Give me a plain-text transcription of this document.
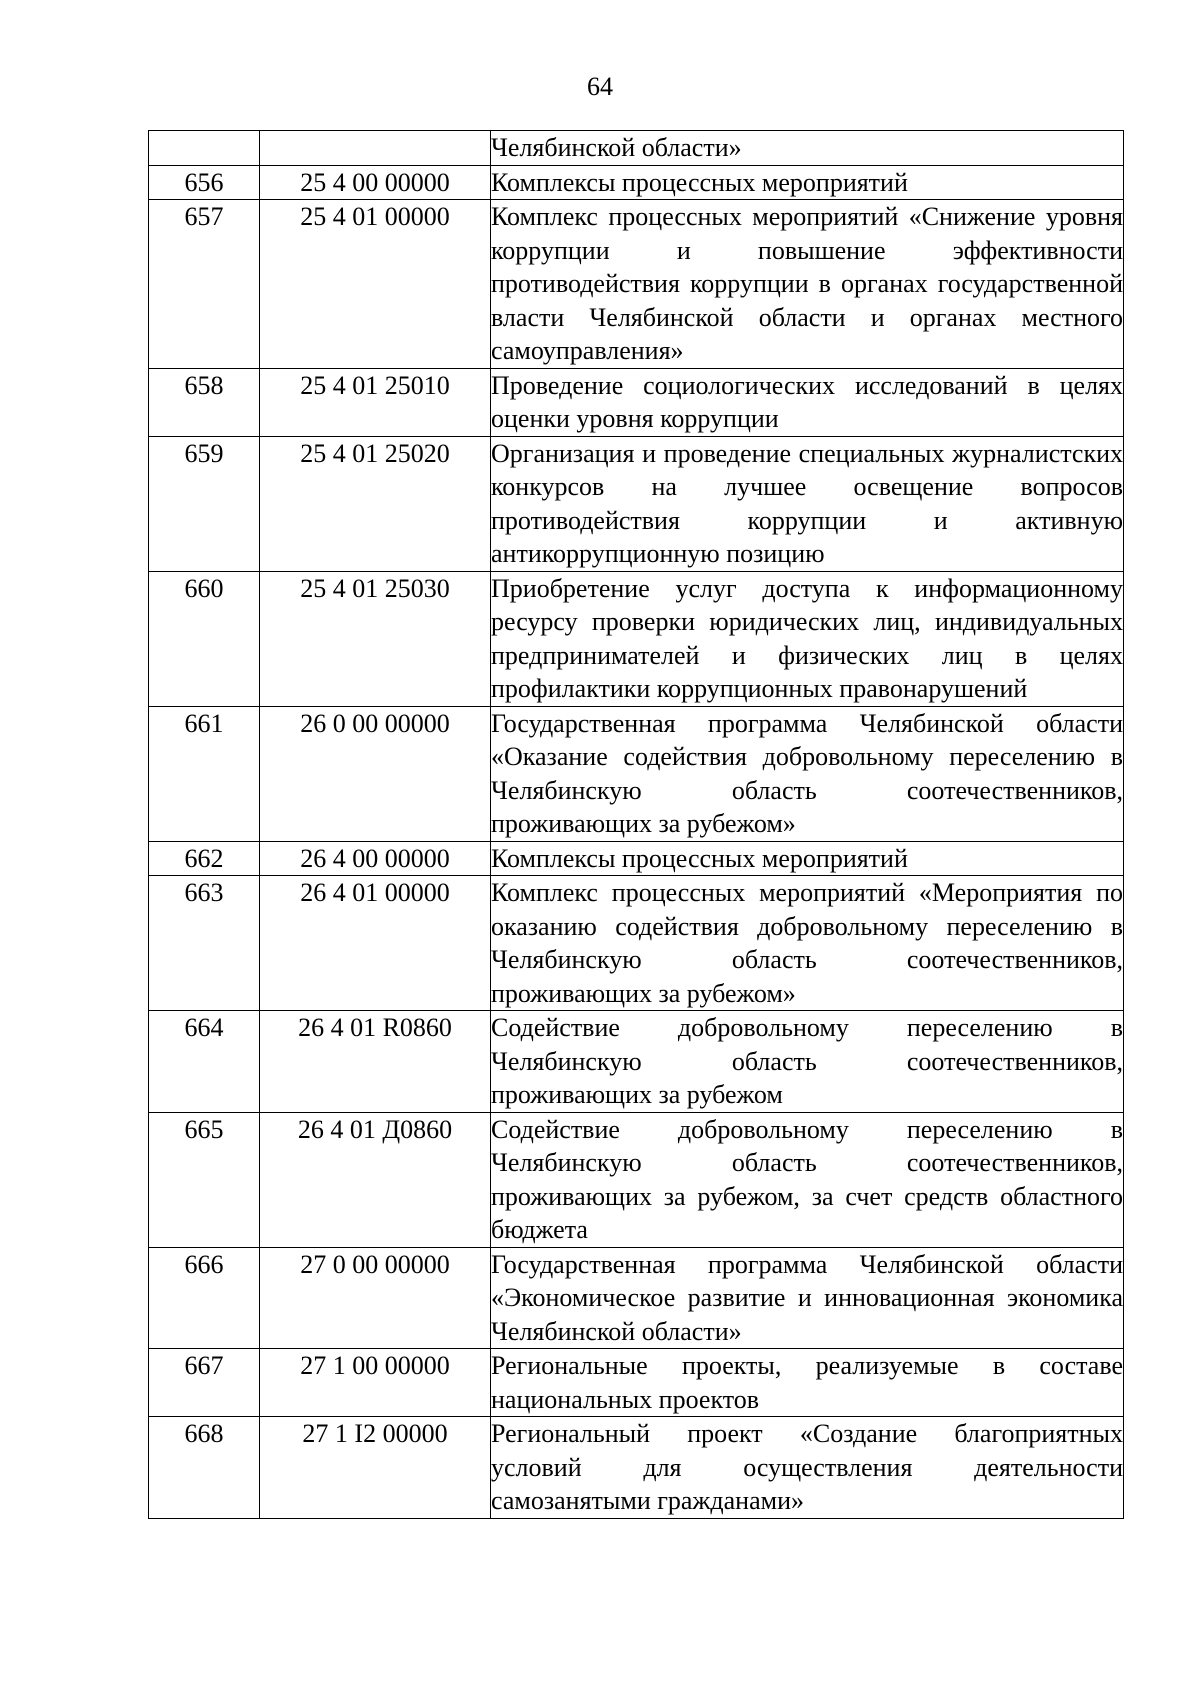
64
		Челябинской области»
656	25 4 00 00000	Комплексы процессных мероприятий
657	25 4 01 00000	Комплекс процессных мероприятий «Снижение уровня коррупции и повышение эффективности противодействия коррупции в органах государственной власти Челябинской области и органах местного самоуправления»
658	25 4 01 25010	Проведение социологических исследований в целях оценки уровня коррупции
659	25 4 01 25020	Организация и проведение специальных журналистских конкурсов на лучшее освещение вопросов противодействия коррупции и активную антикоррупционную позицию
660	25 4 01 25030	Приобретение услуг доступа к информационному ресурсу проверки юридических лиц, индивидуальных предпринимателей и физических лиц в целях профилактики коррупционных правонарушений
661	26 0 00 00000	Государственная программа Челябинской области «Оказание содействия добровольному переселению в Челябинскую область соотечественников, проживающих за рубежом»
662	26 4 00 00000	Комплексы процессных мероприятий
663	26 4 01 00000	Комплекс процессных мероприятий «Мероприятия по оказанию содействия добровольному переселению в Челябинскую область соотечественников, проживающих за рубежом»
664	26 4 01 R0860	Содействие добровольному переселению в Челябинскую область соотечественников, проживающих за рубежом
665	26 4 01 Д0860	Содействие добровольному переселению в Челябинскую область соотечественников, проживающих за рубежом, за счет средств областного бюджета
666	27 0 00 00000	Государственная программа Челябинской области «Экономическое развитие и инновационная экономика Челябинской области»
667	27 1 00 00000	Региональные проекты, реализуемые в составе национальных проектов
668	27 1 I2 00000	Региональный проект «Создание благоприятных условий для осуществления деятельности самозанятыми гражданами»
